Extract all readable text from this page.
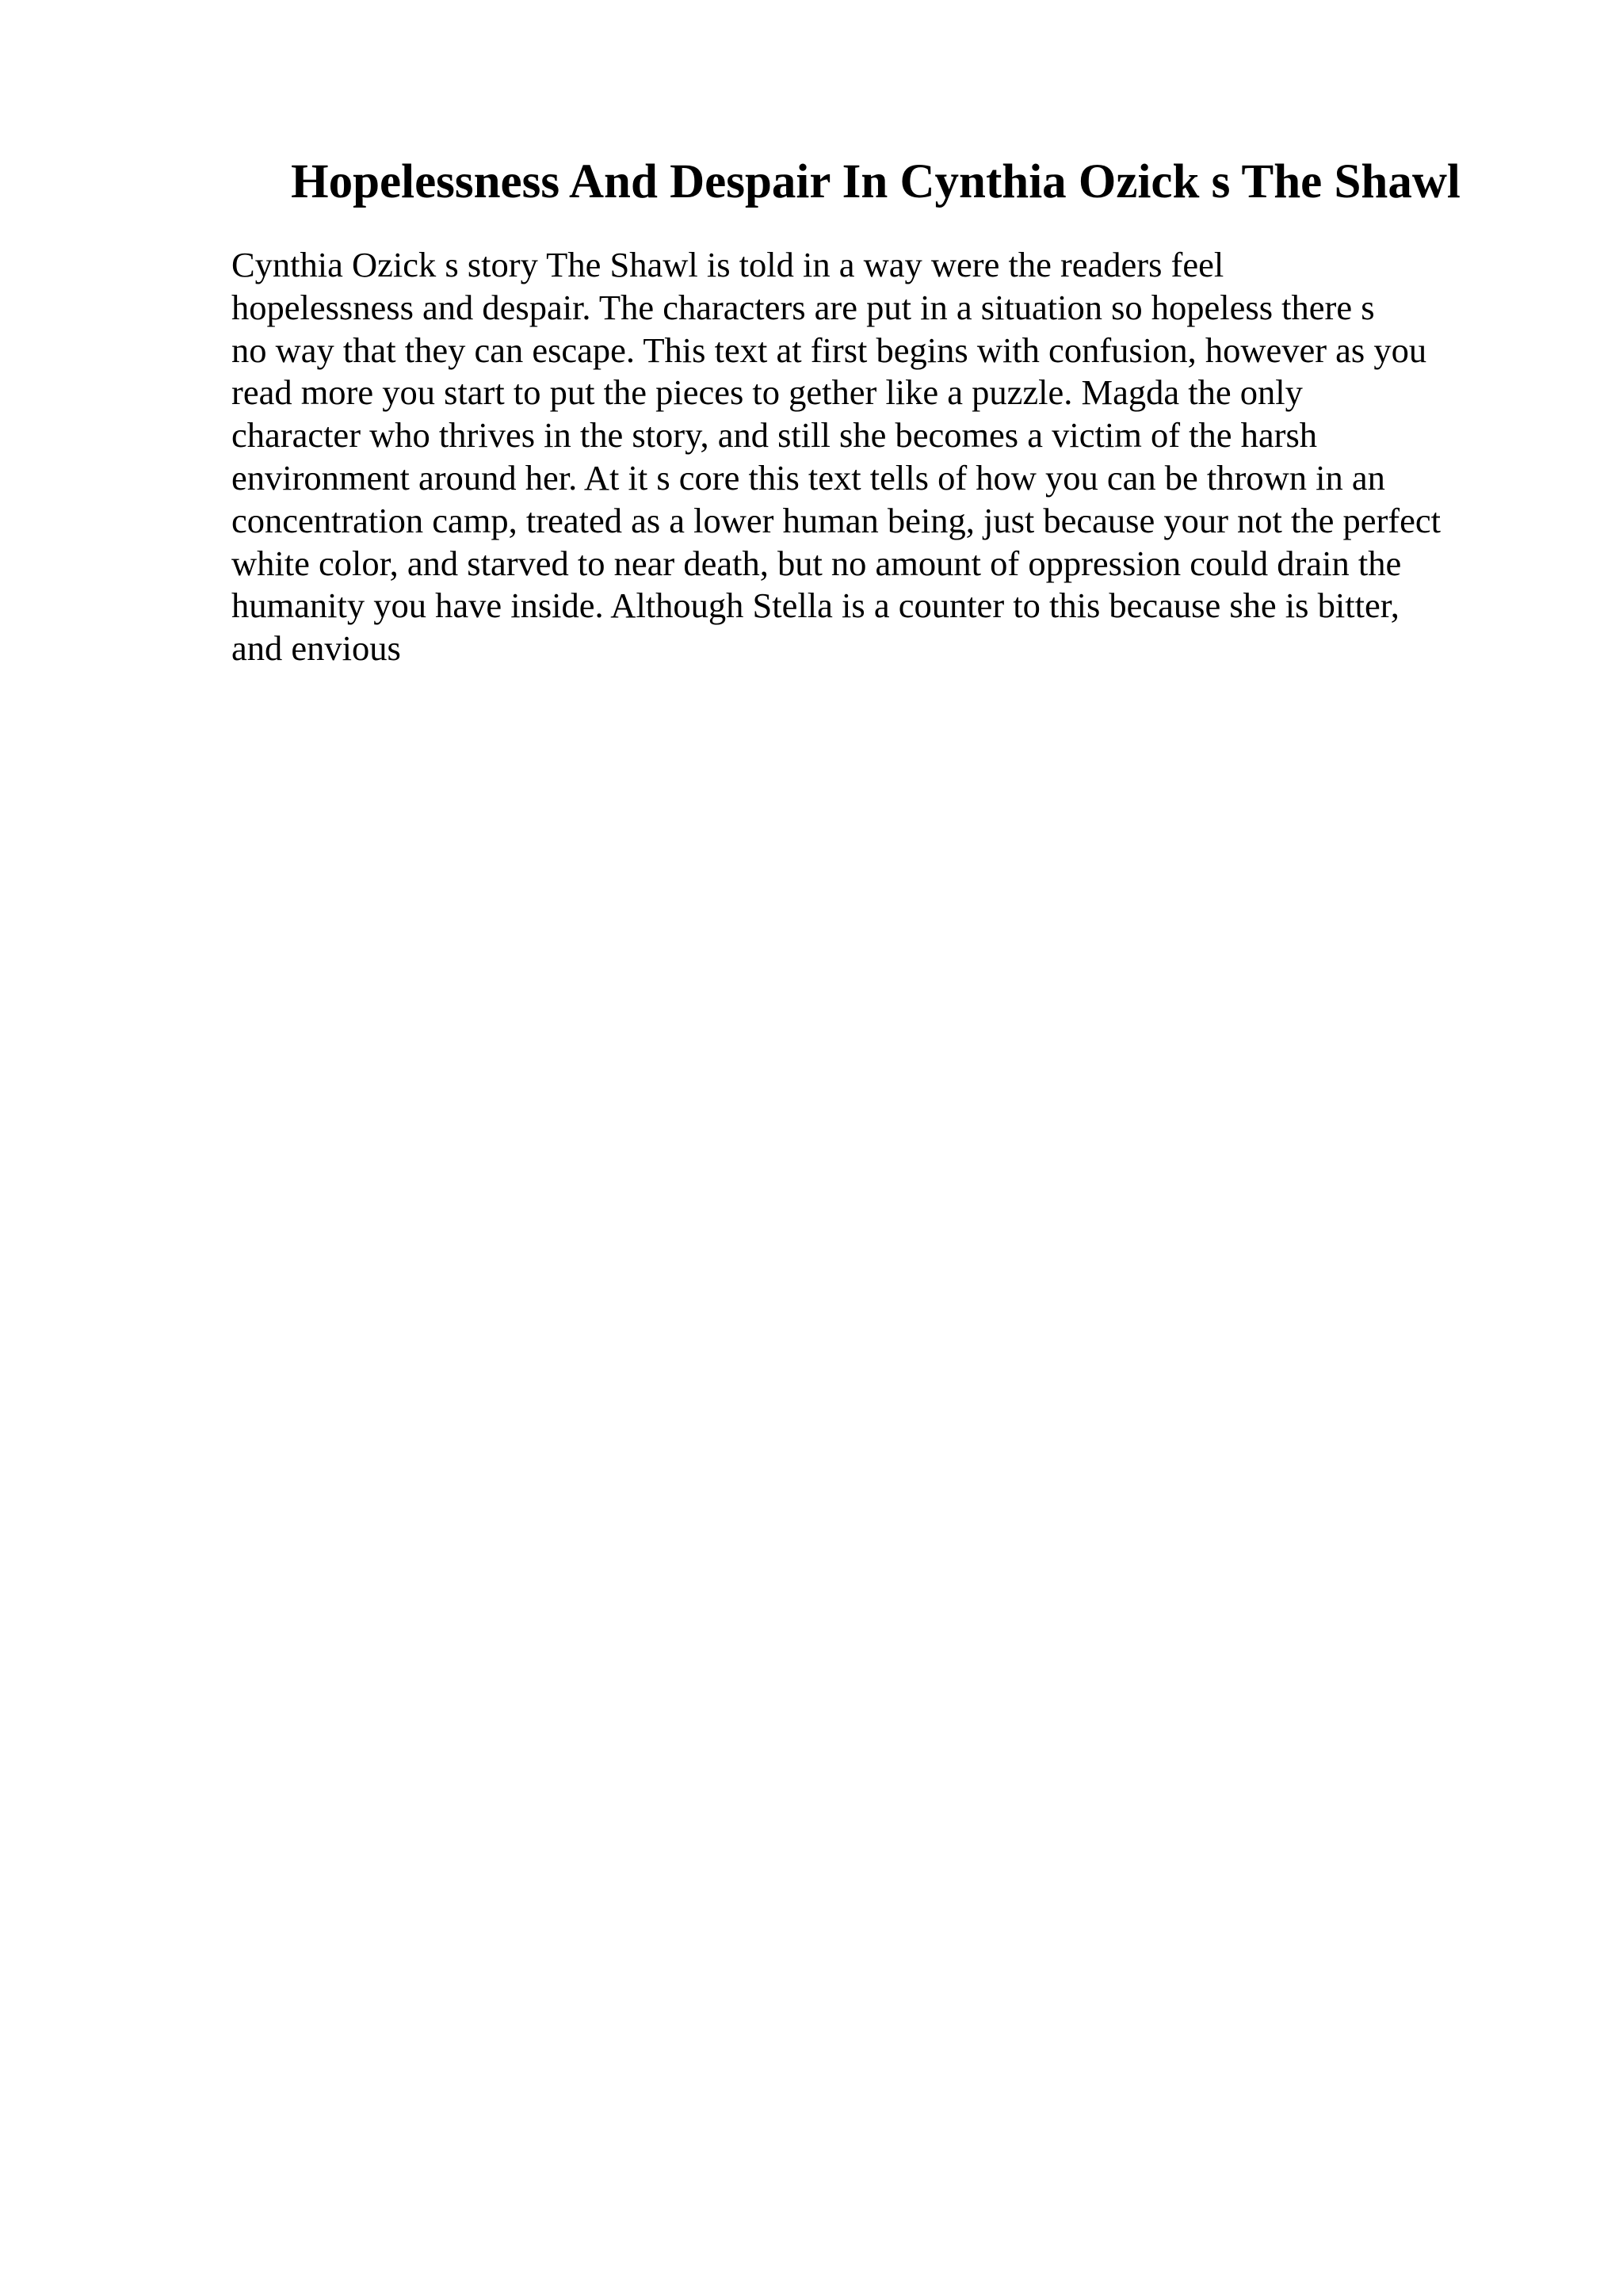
Hopelessness And Despair In Cynthia Ozick s The Shawl
Cynthia Ozick s story The Shawl is told in a way were the readers feel
hopelessness and despair. The characters are put in a situation so hopeless there s
no way that they can escape. This text at first begins with confusion, however as you
read more you start to put the pieces to gether like a puzzle. Magda the only
character who thrives in the story, and still she becomes a victim of the harsh
environment around her. At it s core this text tells of how you can be thrown in an
concentration camp, treated as a lower human being, just because your not the perfect
white color, and starved to near death, but no amount of oppression could drain the
humanity you have inside. Although Stella is a counter to this because she is bitter,
and envious
